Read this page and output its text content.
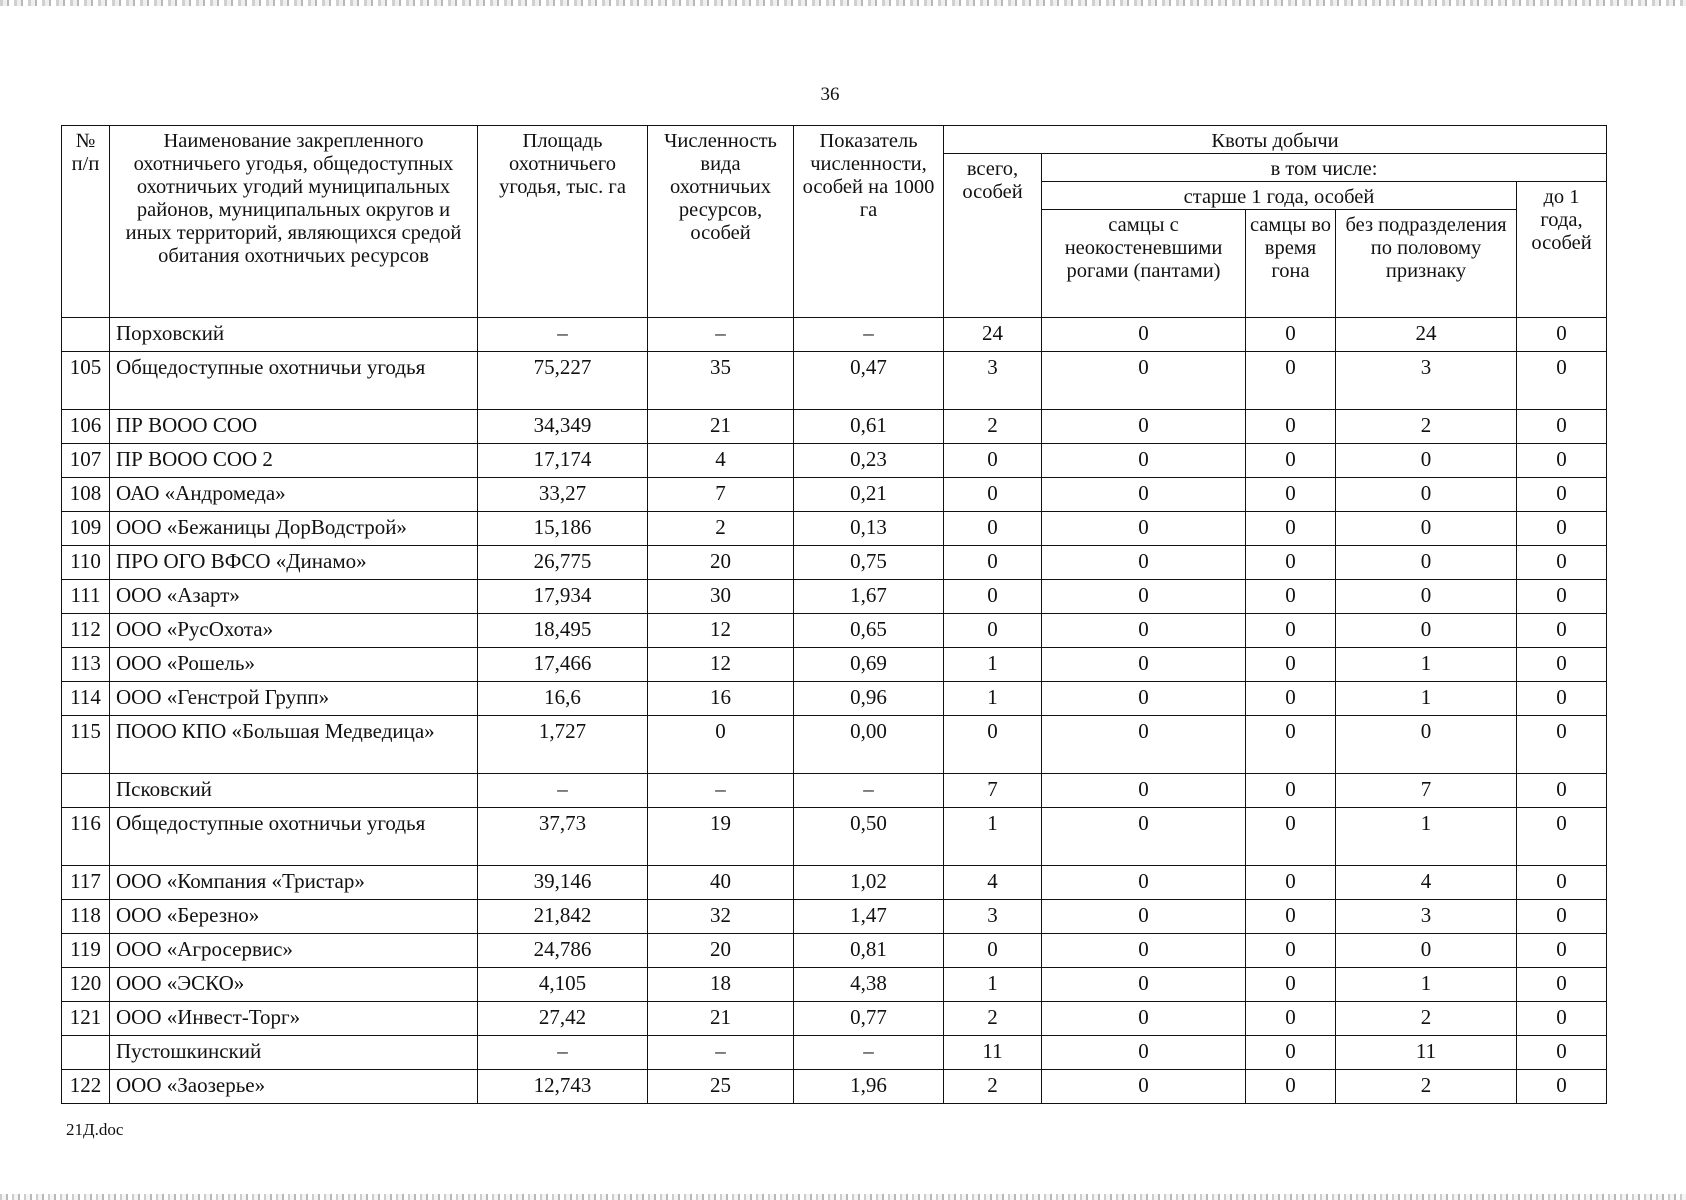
36
№ п/п	Наименование закрепленного охотничьего угодья, общедоступных охотничьих угодий муниципальных районов, муниципальных округов и иных территорий, являющихся средой обитания охотничьих ресурсов	Площадь охотничьего угодья, тыс. га	Численность вида охотничьих ресурсов, особей	Показатель численности, особей на 1000 га	Квоты добычи				
					всего, особей	в том числе:			
						старше 1 года, особей			до 1 года, особей
						самцы с неокостеневшими рогами (пантами)	самцы во время гона	без подразделения по половому признаку	
	Порховский	–	–	–	24	0	0	24	0
105	Общедоступные охотничьи угодья	75,227	35	0,47	3	0	0	3	0
106	ПР ВООО СОО	34,349	21	0,61	2	0	0	2	0
107	ПР ВООО СОО 2	17,174	4	0,23	0	0	0	0	0
108	ОАО «Андромеда»	33,27	7	0,21	0	0	0	0	0
109	ООО «Бежаницы ДорВодстрой»	15,186	2	0,13	0	0	0	0	0
110	ПРО ОГО ВФСО «Динамо»	26,775	20	0,75	0	0	0	0	0
111	ООО «Азарт»	17,934	30	1,67	0	0	0	0	0
112	ООО «РусОхота»	18,495	12	0,65	0	0	0	0	0
113	ООО «Рошель»	17,466	12	0,69	1	0	0	1	0
114	ООО «Генстрой Групп»	16,6	16	0,96	1	0	0	1	0
115	ПООО КПО «Большая Медведица»	1,727	0	0,00	0	0	0	0	0
	Псковский	–	–	–	7	0	0	7	0
116	Общедоступные охотничьи угодья	37,73	19	0,50	1	0	0	1	0
117	ООО «Компания «Тристар»	39,146	40	1,02	4	0	0	4	0
118	ООО «Березно»	21,842	32	1,47	3	0	0	3	0
119	ООО «Агросервис»	24,786	20	0,81	0	0	0	0	0
120	ООО «ЭСКО»	4,105	18	4,38	1	0	0	1	0
121	ООО «Инвест-Торг»	27,42	21	0,77	2	0	0	2	0
	Пустошкинский	–	–	–	11	0	0	11	0
122	ООО «Заозерье»	12,743	25	1,96	2	0	0	2	0
21Д.doc
